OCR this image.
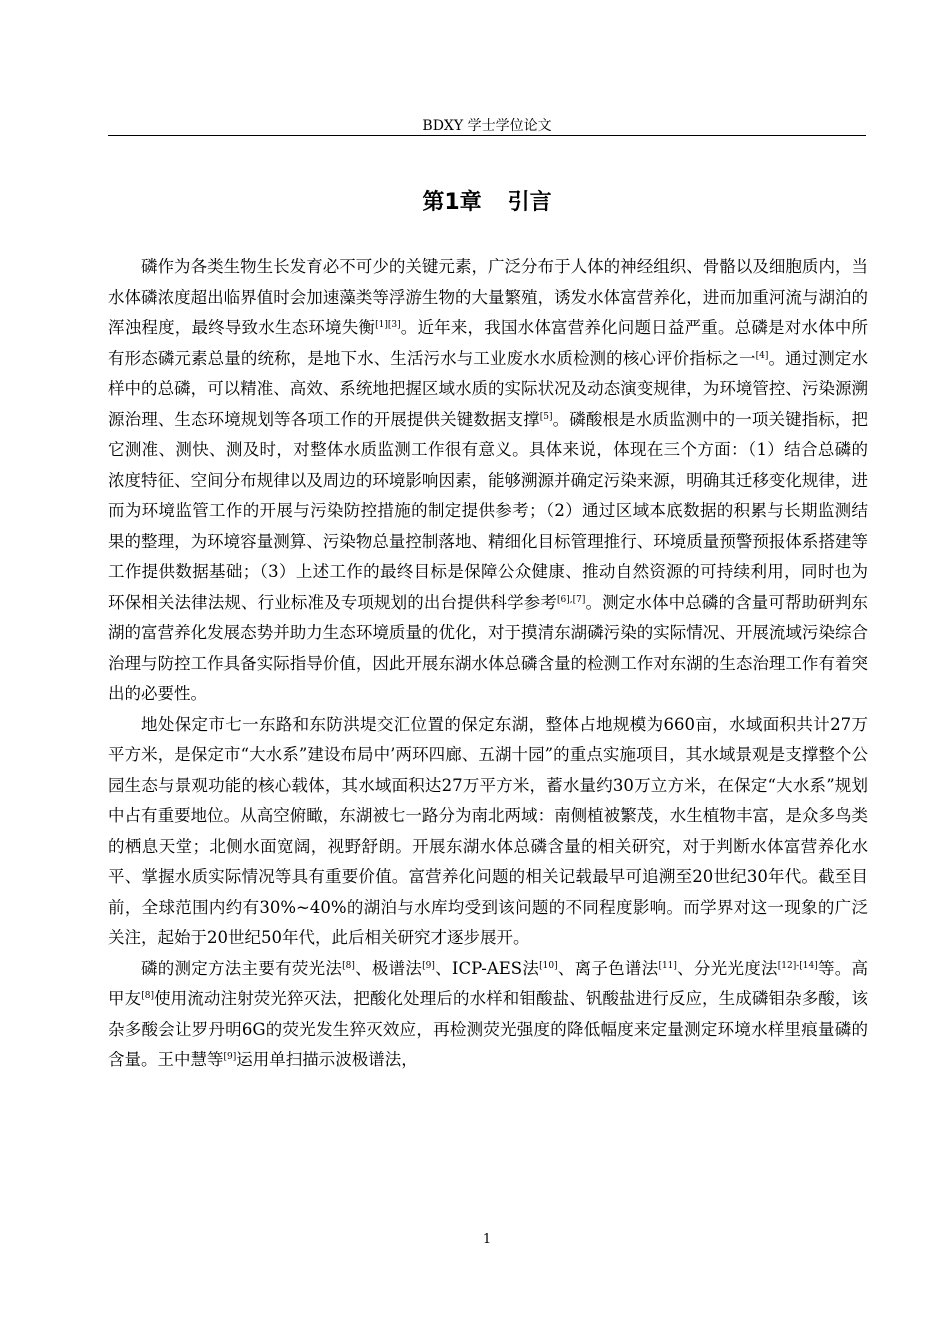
BDXY 学士学位论文
第1章 引言

磷作为各类生物生长发育必不可少的关键元素，广泛分布于人体的神经组织、骨骼以及细胞质内，当水体磷浓度超出临界值时会加速藻类等浮游生物的大量繁殖，诱发水体富营养化，进而加重河流与湖泊的浑浊程度，最终导致水生态环境失衡[1][3]。近年来，我国水体富营养化问题日益严重。总磷是对水体中所有形态磷元素总量的统称，是地下水、生活污水与工业废水水质检测的核心评价指标之一[4]。通过测定水样中的总磷，可以精准、高效、系统地把握区域水质的实际状况及动态演变规律，为环境管控、污染源溯源治理、生态环境规划等各项工作的开展提供关键数据支撑[5]。磷酸根是水质监测中的一项关键指标，把它测准、测快、测及时，对整体水质监测工作很有意义。具体来说，体现在三个方面：（1）结合总磷的浓度特征、空间分布规律以及周边的环境影响因素，能够溯源并确定污染来源，明确其迁移变化规律，进而为环境监管工作的开展与污染防控措施的制定提供参考；（2）通过区域本底数据的积累与长期监测结果的整理，为环境容量测算、污染物总量控制落地、精细化目标管理推行、环境质量预警预报体系搭建等工作提供数据基础；（3）上述工作的最终目标是保障公众健康、推动自然资源的可持续利用，同时也为环保相关法律法规、行业标准及专项规划的出台提供科学参考[6],[7]。测定水体中总磷的含量可帮助研判东湖的富营养化发展态势并助力生态环境质量的优化，对于摸清东湖磷污染的实际情况、开展流域污染综合治理与防控工作具备实际指导价值，因此开展东湖水体总磷含量的检测工作对东湖的生态治理工作有着突出的必要性。

地处保定市七一东路和东防洪堤交汇位置的保定东湖，整体占地规模为660亩，水域面积共计27万平方米，是保定市“大水系”建设布局中’两环四廊、五湖十园”的重点实施项目，其水域景观是支撑整个公园生态与景观功能的核心载体，其水域面积达27万平方米，蓄水量约30万立方米，在保定“大水系”规划中占有重要地位。从高空俯瞰，东湖被七一路分为南北两域：南侧植被繁茂，水生植物丰富，是众多鸟类的栖息天堂；北侧水面宽阔，视野舒朗。开展东湖水体总磷含量的相关研究，对于判断水体富营养化水平、掌握水质实际情况等具有重要价值。富营养化问题的相关记载最早可追溯至20世纪30年代。截至目前，全球范围内约有30%~40%的湖泊与水库均受到该问题的不同程度影响。而学界对这一现象的广泛关注，起始于20世纪50年代，此后相关研究才逐步展开。

磷的测定方法主要有荧光法[8]、极谱法[9]、ICP-AES法[10]、离子色谱法[11]、分光光度法[12]-[14]等。高甲友[8]使用流动注射荧光猝灭法，把酸化处理后的水样和钼酸盐、钒酸盐进行反应，生成磷钼杂多酸，该杂多酸会让罗丹明6G的荧光发生猝灭效应，再检测荧光强度的降低幅度来定量测定环境水样里痕量磷的含量。王中慧等[9]运用单扫描示波极谱法，

1
